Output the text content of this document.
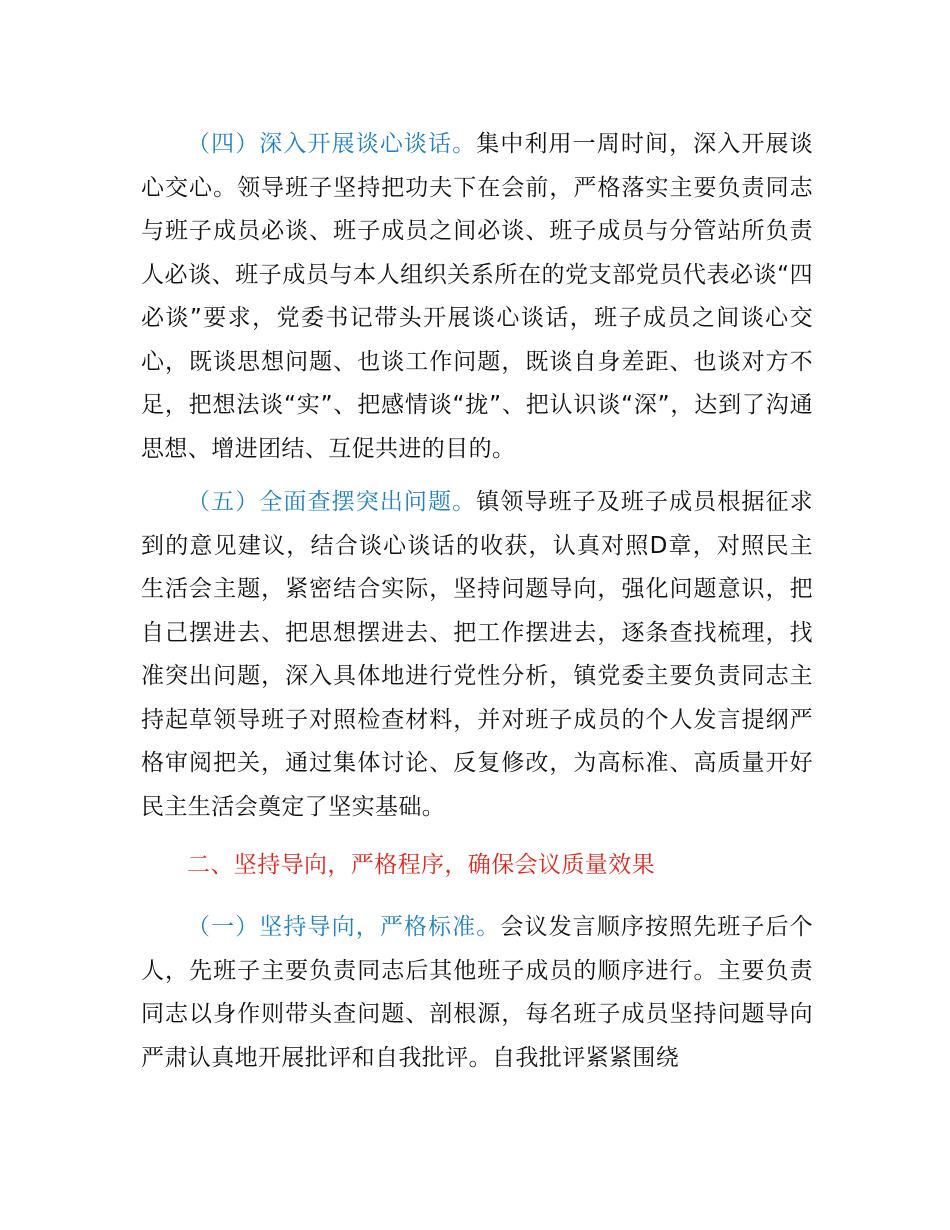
（四）深入开展谈心谈话。集中利用一周时间，深入开展谈心交心。领导班子坚持把功夫下在会前，严格落实主要负责同志与班子成员必谈、班子成员之间必谈、班子成员与分管站所负责人必谈、班子成员与本人组织关系所在的党支部党员代表必谈“四必谈”要求，党委书记带头开展谈心谈话，班子成员之间谈心交心，既谈思想问题、也谈工作问题，既谈自身差距、也谈对方不足，把想法谈“实”、把感情谈“拢”、把认识谈“深”，达到了沟通思想、增进团结、互促共进的目的。

（五）全面查摆突出问题。镇领导班子及班子成员根据征求到的意见建议，结合谈心谈话的收获，认真对照D章，对照民主生活会主题，紧密结合实际，坚持问题导向，强化问题意识，把自己摆进去、把思想摆进去、把工作摆进去，逐条查找梳理，找准突出问题，深入具体地进行党性分析，镇党委主要负责同志主持起草领导班子对照检查材料，并对班子成员的个人发言提纲严格审阅把关，通过集体讨论、反复修改，为高标准、高质量开好民主生活会奠定了坚实基础。

二、坚持导向，严格程序，确保会议质量效果

（一）坚持导向，严格标准。会议发言顺序按照先班子后个人，先班子主要负责同志后其他班子成员的顺序进行。主要负责同志以身作则带头查问题、剖根源，每名班子成员坚持问题导向严肃认真地开展批评和自我批评。自我批评紧紧围绕
